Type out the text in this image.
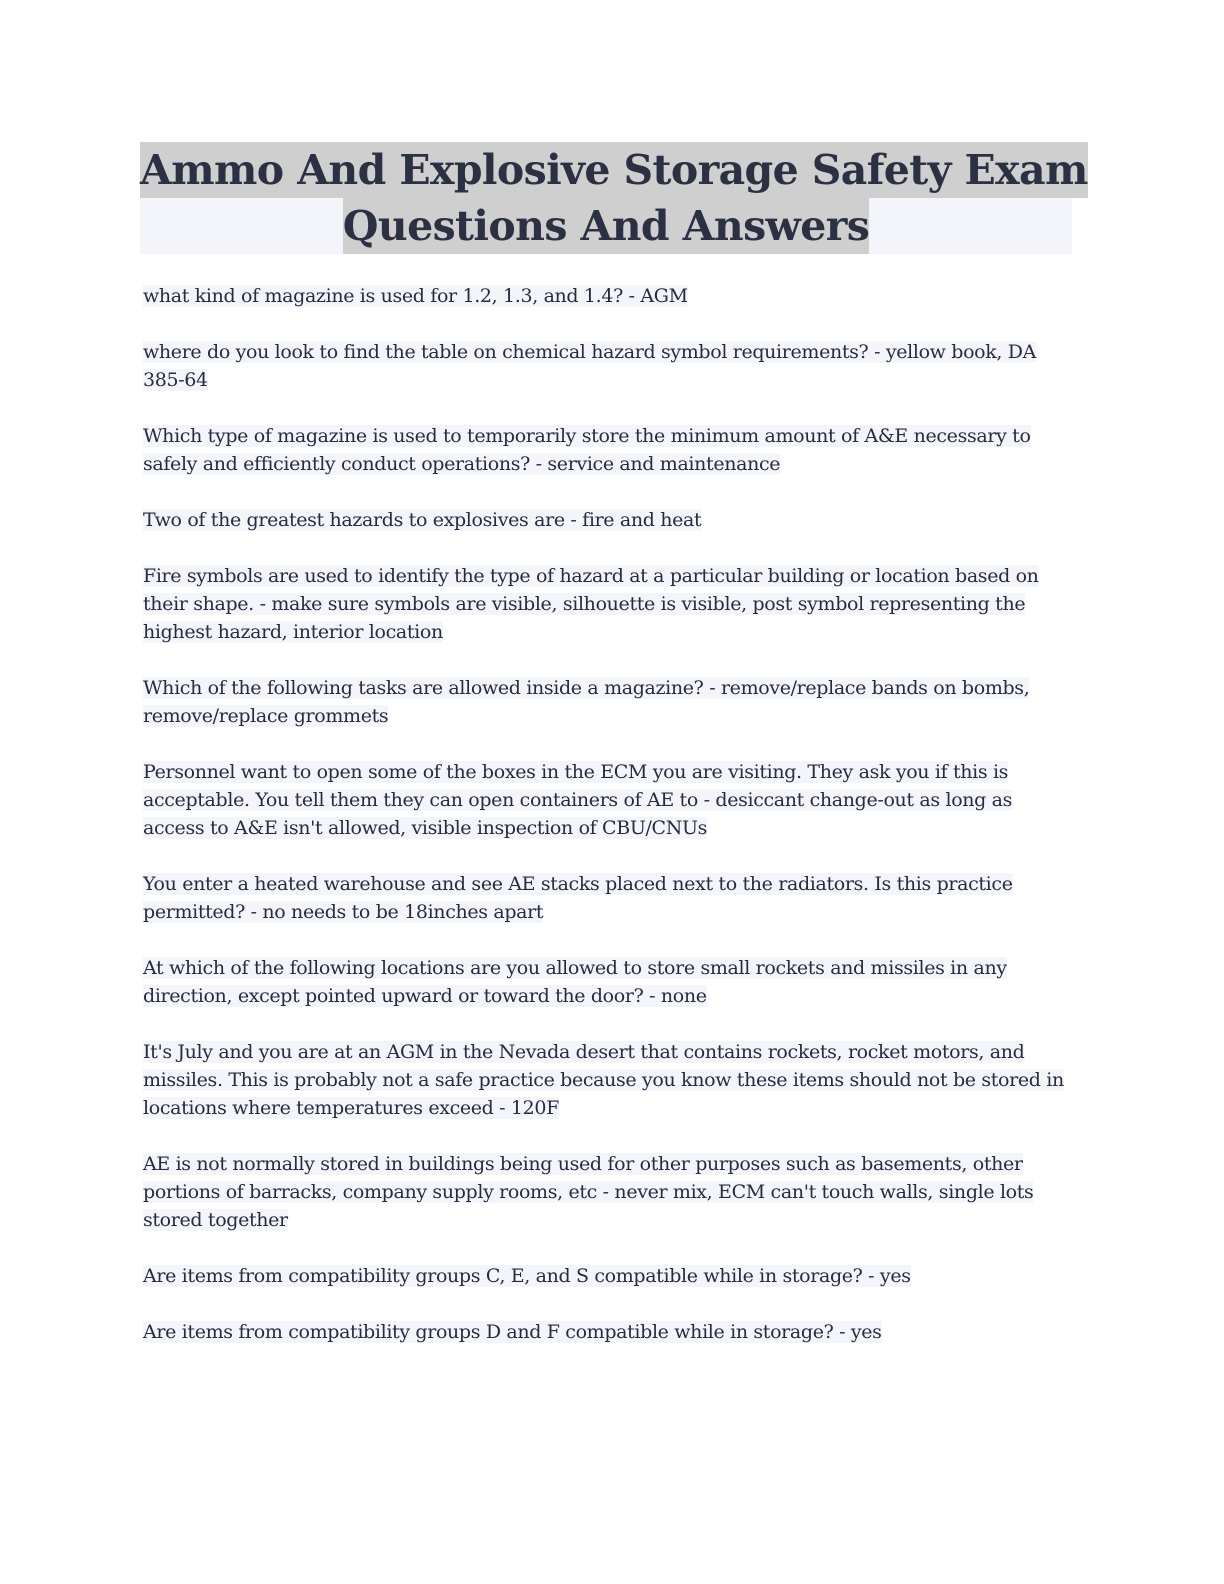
Ammo And Explosive Storage Safety Exam
Questions And Answers

what kind of magazine is used for 1.2, 1.3, and 1.4? - AGM

where do you look to find the table on chemical hazard symbol requirements? - yellow book, DA 385-64

Which type of magazine is used to temporarily store the minimum amount of A&E necessary to safely and efficiently conduct operations? - service and maintenance

Two of the greatest hazards to explosives are - fire and heat

Fire symbols are used to identify the type of hazard at a particular building or location based on their shape. - make sure symbols are visible, silhouette is visible, post symbol representing the highest hazard, interior location

Which of the following tasks are allowed inside a magazine? - remove/replace bands on bombs, remove/replace grommets

Personnel want to open some of the boxes in the ECM you are visiting. They ask you if this is acceptable. You tell them they can open containers of AE to - desiccant change-out as long as access to A&E isn't allowed, visible inspection of CBU/CNUs

You enter a heated warehouse and see AE stacks placed next to the radiators. Is this practice permitted? - no needs to be 18inches apart

At which of the following locations are you allowed to store small rockets and missiles in any direction, except pointed upward or toward the door? - none

It's July and you are at an AGM in the Nevada desert that contains rockets, rocket motors, and missiles. This is probably not a safe practice because you know these items should not be stored in locations where temperatures exceed - 120F

AE is not normally stored in buildings being used for other purposes such as basements, other portions of barracks, company supply rooms, etc - never mix, ECM can't touch walls, single lots stored together

Are items from compatibility groups C, E, and S compatible while in storage? - yes

Are items from compatibility groups D and F compatible while in storage? - yes
